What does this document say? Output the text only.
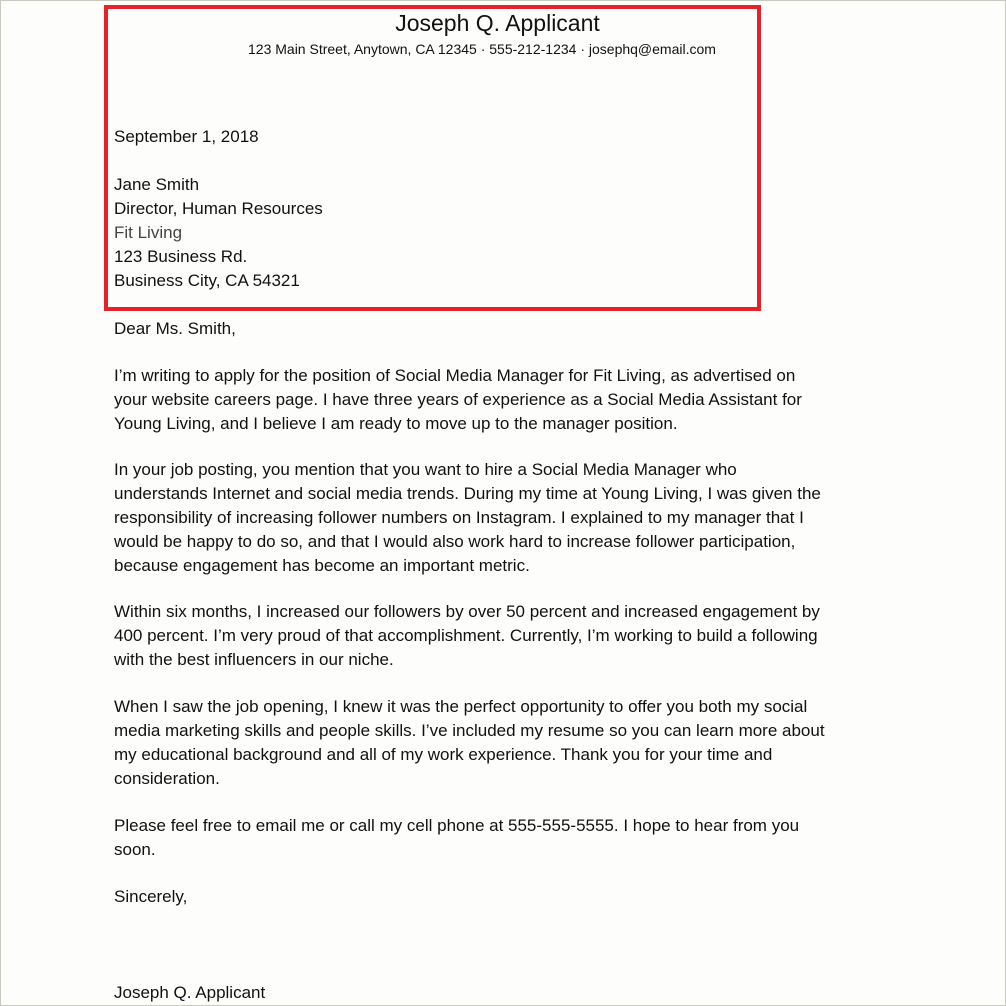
Joseph Q. Applicant
123 Main Street, Anytown, CA 12345 · 555-212-1234 · josephq@email.com
September 1, 2018
Jane Smith
Director, Human Resources
Fit Living
123 Business Rd.
Business City, CA 54321
Dear Ms. Smith,
I’m writing to apply for the position of Social Media Manager for Fit Living, as advertised on
your website careers page. I have three years of experience as a Social Media Assistant for
Young Living, and I believe I am ready to move up to the manager position.
In your job posting, you mention that you want to hire a Social Media Manager who
understands Internet and social media trends. During my time at Young Living, I was given the
responsibility of increasing follower numbers on Instagram. I explained to my manager that I
would be happy to do so, and that I would also work hard to increase follower participation,
because engagement has become an important metric.
Within six months, I increased our followers by over 50 percent and increased engagement by
400 percent. I’m very proud of that accomplishment. Currently, I’m working to build a following
with the best influencers in our niche.
When I saw the job opening, I knew it was the perfect opportunity to offer you both my social
media marketing skills and people skills. I’ve included my resume so you can learn more about
my educational background and all of my work experience. Thank you for your time and
consideration.
Please feel free to email me or call my cell phone at 555-555-5555. I hope to hear from you
soon.
Sincerely,
Joseph Q. Applicant
